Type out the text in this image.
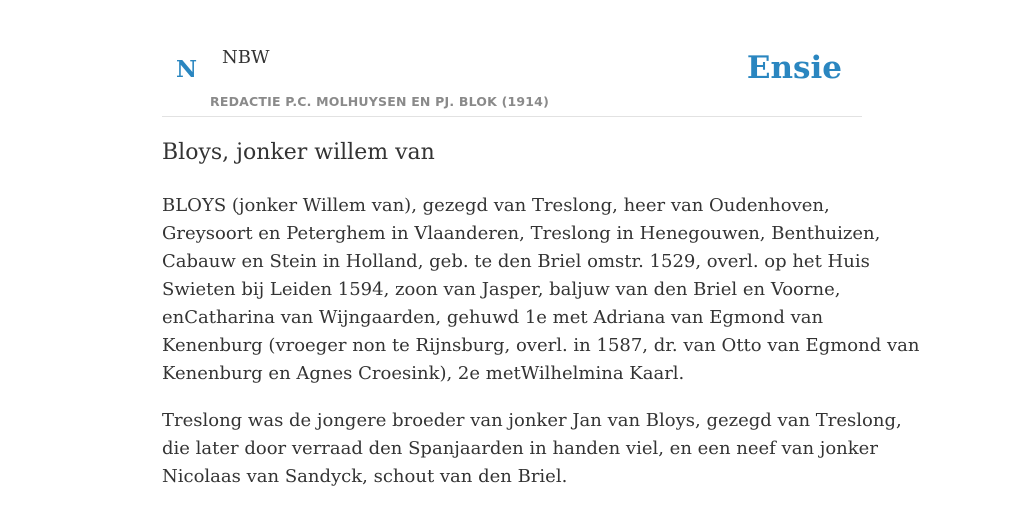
N NBW
REDACTIE P.C. MOLHUYSEN EN PJ. BLOK (1914)
Ensie
Bloys, jonker willem van

BLOYS (jonker Willem van), gezegd van Treslong, heer van Oudenhoven,
Greysoort en Peterghem in Vlaanderen, Treslong in Henegouwen, Benthuizen,
Cabauw en Stein in Holland, geb. te den Briel omstr. 1529, overl. op het Huis
Swieten bij Leiden 1594, zoon van Jasper, baljuw van den Briel en Voorne,
enCatharina van Wijngaarden, gehuwd 1e met Adriana van Egmond van
Kenenburg (vroeger non te Rijnsburg, overl. in 1587, dr. van Otto van Egmond van
Kenenburg en Agnes Croesink), 2e metWilhelmina Kaarl.

Treslong was de jongere broeder van jonker Jan van Bloys, gezegd van Treslong,
die later door verraad den Spanjaarden in handen viel, en een neef van jonker
Nicolaas van Sandyck, schout van den Briel.
